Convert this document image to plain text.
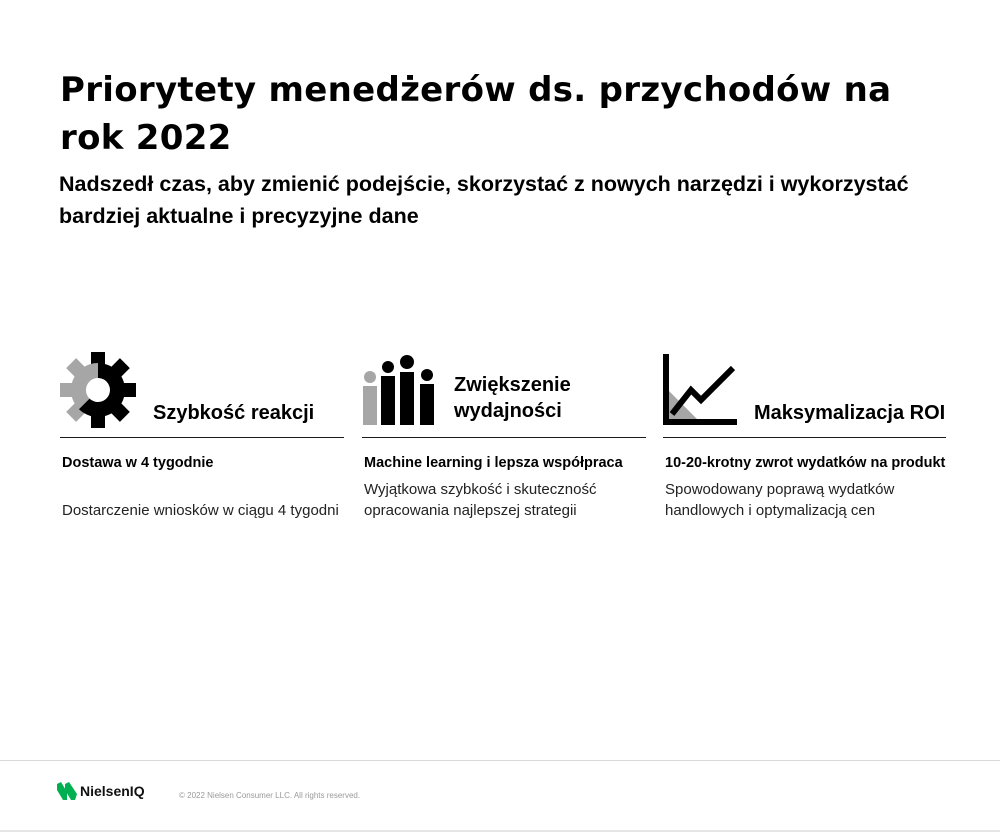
Priorytety menedżerów ds. przychodów na rok 2022
Nadszedł czas, aby zmienić podejście, skorzystać z nowych narzędzi i wykorzystać bardziej aktualne i precyzyjne dane
Szybkość reakcji
Dostawa w 4 tygodnie
Dostarczenie wniosków w ciągu 4 tygodni
Zwiększenie wydajności
Machine learning i lepsza współpraca
Wyjątkowa szybkość i skuteczność opracowania najlepszej strategii
Maksymalizacja ROI
10-20-krotny zwrot wydatków na produkt
Spowodowany poprawą wydatków handlowych i optymalizacją cen
NielsenIQ	© 2022 Nielsen Consumer LLC. All rights reserved.
